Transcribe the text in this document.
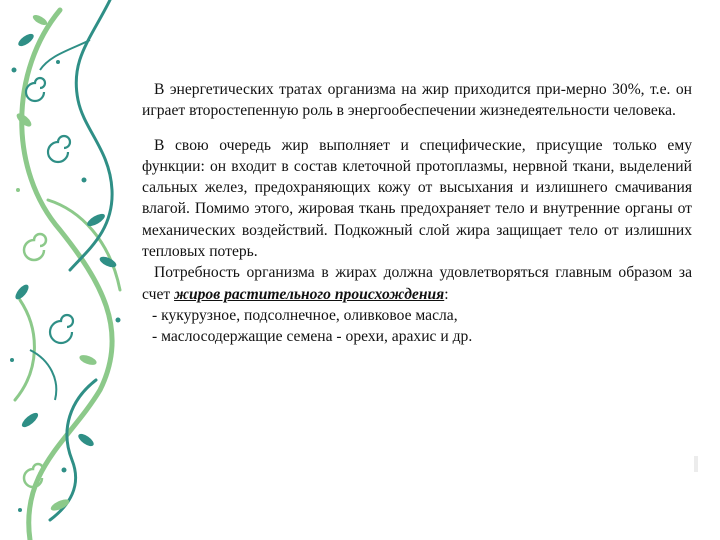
В энергетических тратах организма на жир приходится при-мерно 30%, т.е. он играет второстепенную роль в энергообеспечении жизнедеятельности человека.

В свою очередь жир выполняет и специфические, присущие только ему функции: он входит в состав клеточной протоплазмы, нервной ткани, выделений сальных желез, предохраняющих кожу от высыхания и излишнего смачивания влагой. Помимо этого, жировая ткань предохраняет тело и внутренние органы от механических воздействий. Подкожный слой жира защищает тело от излишних тепловых потерь.

Потребность организма в жирах должна удовлетворяться главным образом за счет жиров растительного происхождения:

- кукурузное, подсолнечное, оливковое масла,

- маслосодержащие семена - орехи, арахис и др.
